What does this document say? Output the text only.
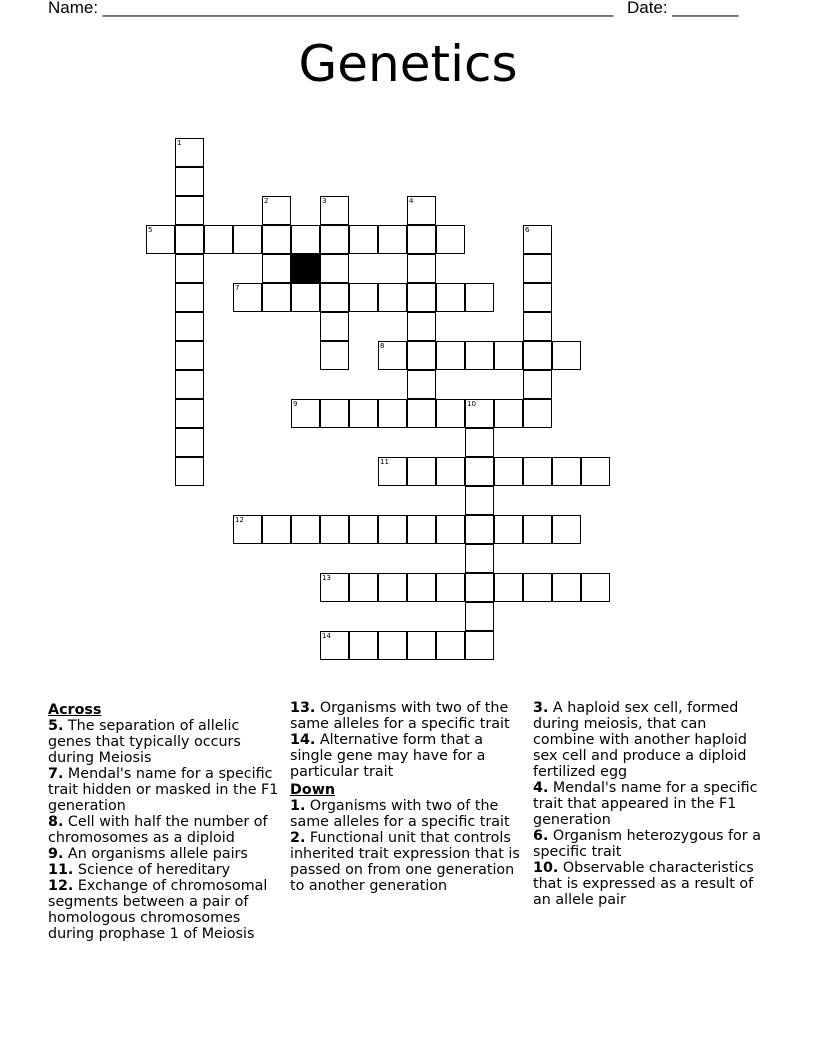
Name: ______________________________________________________ Date: _______
Genetics
5
7
8
9	10
11
12
13
14
1
2	3	4
6
Across
5. The separation of allelic genes that typically occurs during Meiosis
7. Mendal's name for a specific trait hidden or masked in the F1 generation
8. Cell with half the number of chromosomes as a diploid
9. An organisms allele pairs
11. Science of hereditary
12. Exchange of chromosomal segments between a pair of homologous chromosomes during prophase 1 of Meiosis
13. Organisms with two of the same alleles for a specific trait
14. Alternative form that a single gene may have for a particular trait
Down
1. Organisms with two of the same alleles for a specific trait
2. Functional unit that controls inherited trait expression that is passed on from one generation to another generation
3. A haploid sex cell, formed during meiosis, that can combine with another haploid sex cell and produce a diploid fertilized egg
4. Mendal's name for a specific trait that appeared in the F1 generation
6. Organism heterozygous for a specific trait
10. Observable characteristics that is expressed as a result of an allele pair
